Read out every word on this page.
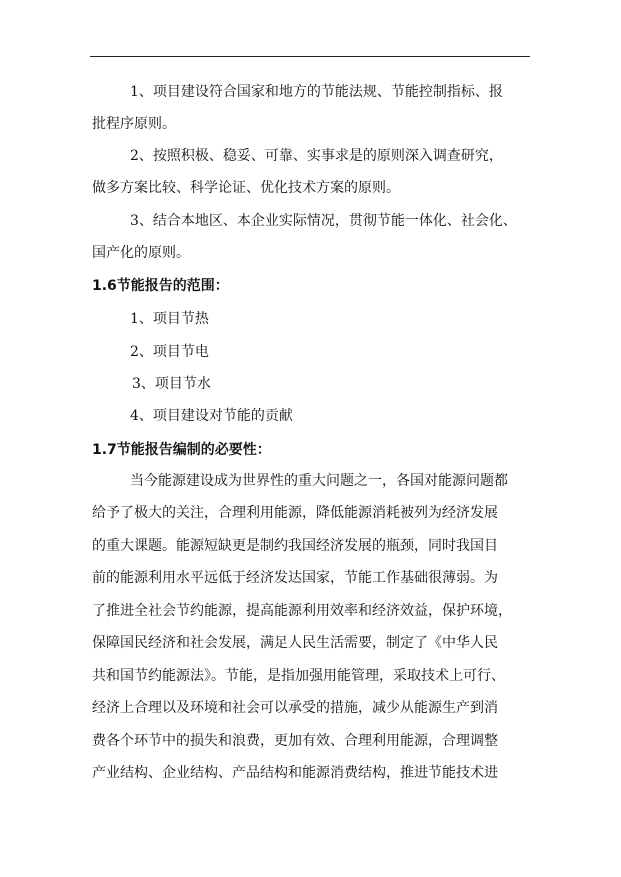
1、项目建设符合国家和地方的节能法规、节能控制指标、报
批程序原则。
2、按照积极、稳妥、可靠、实事求是的原则深入调查研究，
做多方案比较、科学论证、优化技术方案的原则。
3、结合本地区、本企业实际情况，贯彻节能一体化、社会化、
国产化的原则。
1.6节能报告的范围：
1、项目节热
2、项目节电
3、项目节水
4、项目建设对节能的贡献
1.7节能报告编制的必要性：
当今能源建设成为世界性的重大问题之一，各国对能源问题都
给予了极大的关注，合理利用能源，降低能源消耗被列为经济发展
的重大课题。能源短缺更是制约我国经济发展的瓶颈，同时我国目
前的能源利用水平远低于经济发达国家，节能工作基础很薄弱。为
了推进全社会节约能源，提高能源利用效率和经济效益，保护环境，
保障国民经济和社会发展，满足人民生活需要，制定了《中华人民
共和国节约能源法》。节能，是指加强用能管理，采取技术上可行、
经济上合理以及环境和社会可以承受的措施，减少从能源生产到消
费各个环节中的损失和浪费，更加有效、合理利用能源，合理调整
产业结构、企业结构、产品结构和能源消费结构，推进节能技术进
